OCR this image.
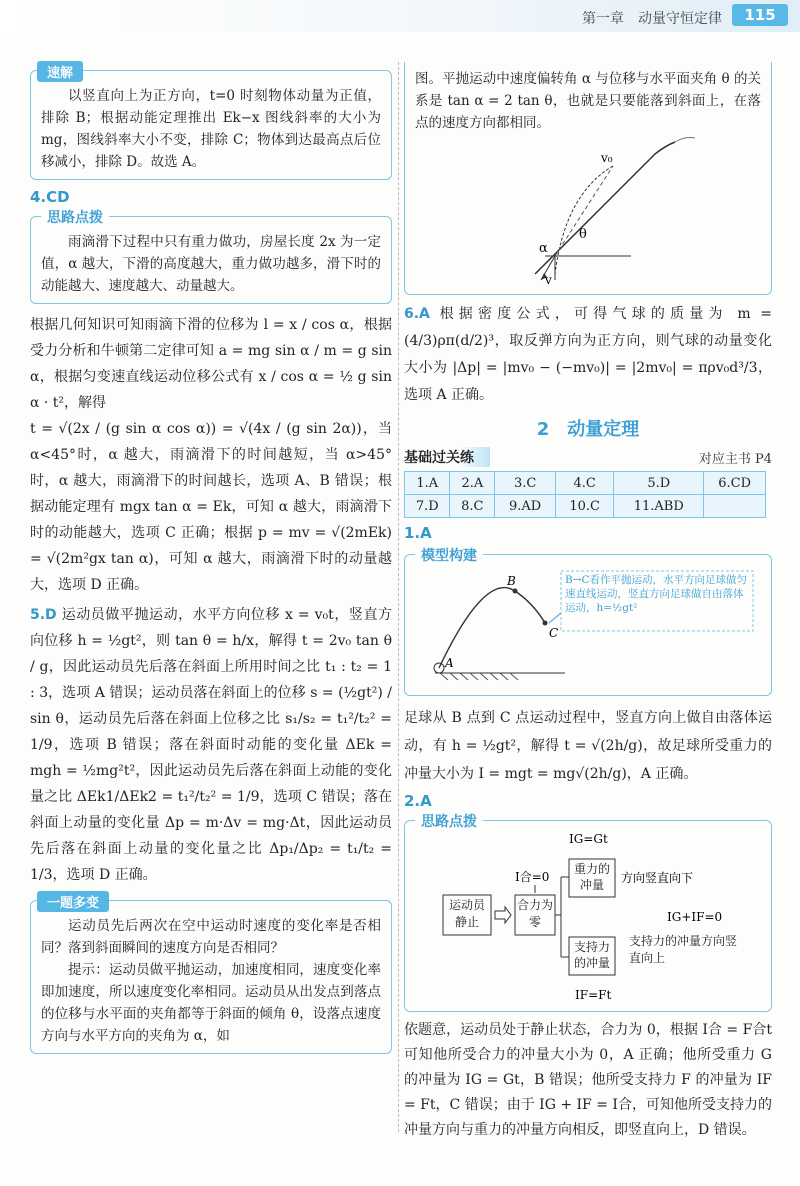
第一章　动量守恒定律	115
速解

以竖直向上为正方向，t=0 时刻物体动量为正值，排除 B；根据动能定理推出 Ek−x 图线斜率的大小为 mg，图线斜率大小不变，排除 C；物体到达最高点后位移减小，排除 D。故选 A。

4.CD
思路点拨

雨滴滑下过程中只有重力做功，房屋长度 2x 为一定值，α 越大，下滑的高度越大，重力做功越多，滑下时的动能越大、速度越大、动量越大。

根据几何知识可知雨滴下滑的位移为 l = x / cos α，根据受力分析和牛顿第二定律可知 a = mg sin α / m = g sin α，根据匀变速直线运动位移公式有 x / cos α = ½ g sin α · t²，解得

t = √(2x / (g sin α cos α)) = √(4x / (g sin 2α))，当 α<45°时，α 越大，雨滴滑下的时间越短，当 α>45°时，α 越大，雨滴滑下的时间越长，选项 A、B 错误；根据动能定理有 mgx tan α = Ek，可知 α 越大，雨滴滑下时的动能越大，选项 C 正确；根据 p = mv = √(2mEk) = √(2m²gx tan α)，可知 α 越大，雨滴滑下时的动量越大，选项 D 正确。

5.D 运动员做平抛运动，水平方向位移 x = v₀t，竖直方向位移 h = ½gt²，则 tan θ = h/x，解得 t = 2v₀ tan θ / g，因此运动员先后落在斜面上所用时间之比 t₁ : t₂ = 1 : 3，选项 A 错误；运动员落在斜面上的位移 s = (½gt²) / sin θ，运动员先后落在斜面上位移之比 s₁/s₂ = t₁²/t₂² = 1/9，选项 B 错误；落在斜面时动能的变化量 ΔEk = mgh = ½mg²t²，因此运动员先后落在斜面上动能的变化量之比 ΔEk1/ΔEk2 = t₁²/t₂² = 1/9，选项 C 错误；落在斜面上动量的变化量 Δp = m·Δv = mg·Δt，因此运动员先后落在斜面上动量的变化量之比 Δp₁/Δp₂ = t₁/t₂ = 1/3，选项 D 正确。

一题多变

运动员先后两次在空中运动时速度的变化率是否相同？落到斜面瞬间的速度方向是否相同？

提示：运动员做平抛运动，加速度相同，速度变化率即加速度，所以速度变化率相同。运动员从出发点到落点的位移与水平面的夹角都等于斜面的倾角 θ，设落点速度方向与水平方向的夹角为 α，如

图。平抛运动中速度偏转角 α 与位移与水平面夹角 θ 的关系是 tan α = 2 tan θ，也就是只要能落到斜面上，在落点的速度方向都相同。

v₀
θ
α
v

6.A 根据密度公式，可得气球的质量为 m = (4/3)ρπ(d/2)³，取反弹方向为正方向，则气球的动量变化大小为 |Δp| = |mv₀ − (−mv₀)| = |2mv₀| = πρv₀d³/3，选项 A 正确。

2　动量定理
基础过关练	对应主书 P4
1.A	2.A	3.C	4.C	5.D	6.CD
7.D	8.C	9.AD	10.C	11.ABD	
1.A
模型构建
B→C看作平抛运动，水平方向足球做匀速直线运动，竖直方向足球做自由落体运动，h=½gt²
A
B
C

足球从 B 点到 C 点运动过程中，竖直方向上做自由落体运动，有 h = ½gt²，解得 t = √(2h/g)，故足球所受重力的冲量大小为 I = mgt = mg√(2h/g)，A 正确。

2.A
思路点拨
运动员静止
合力为零
I合=0
重力的冲量
IG=Gt
支持力的冲量
IF=Ft
方向竖直向下
IG+IF=0
支持力的冲量方向竖直向上

依题意，运动员处于静止状态，合力为 0，根据 I合 = F合t 可知他所受合力的冲量大小为 0，A 正确；他所受重力 G 的冲量为 IG = Gt，B 错误；他所受支持力 F 的冲量为 IF = Ft，C 错误；由于 IG + IF = I合，可知他所受支持力的冲量方向与重力的冲量方向相反，即竖直向上，D 错误。
